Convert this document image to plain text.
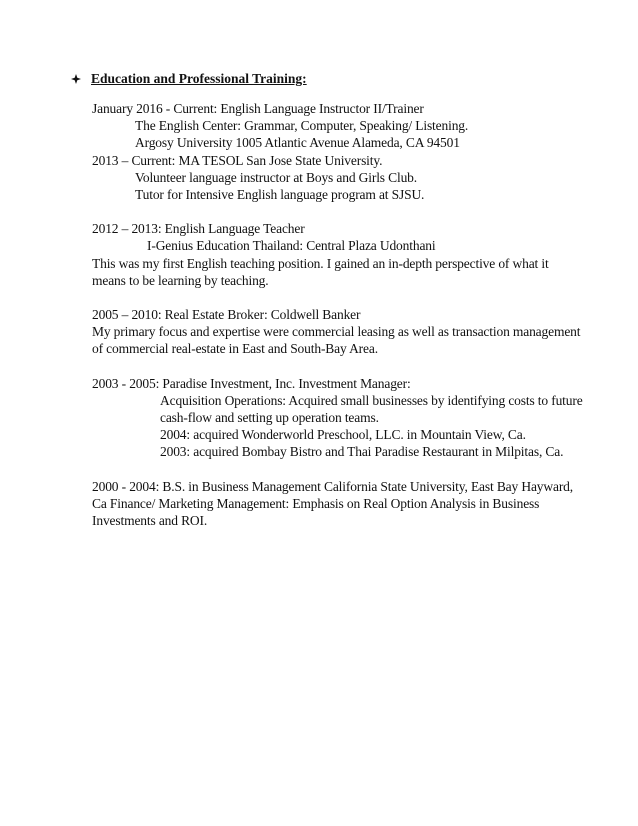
Education and Professional Training:
January 2016 - Current: English Language Instructor II/Trainer
The English Center: Grammar, Computer, Speaking/ Listening.
Argosy University 1005 Atlantic Avenue Alameda, CA 94501
2013 – Current: MA TESOL San Jose State University.
Volunteer language instructor at Boys and Girls Club.
Tutor for Intensive English language program at SJSU.
2012 – 2013: English Language Teacher
I-Genius Education Thailand: Central Plaza Udonthani
This was my first English teaching position. I gained an in-depth perspective of what it
means to be learning by teaching.
2005 – 2010: Real Estate Broker: Coldwell Banker
My primary focus and expertise were commercial leasing as well as transaction management
of commercial real-estate in East and South-Bay Area.
2003 - 2005: Paradise Investment, Inc. Investment Manager:
Acquisition Operations: Acquired small businesses by identifying costs to future
cash-flow and setting up operation teams.
2004: acquired Wonderworld Preschool, LLC. in Mountain View, Ca.
2003: acquired Bombay Bistro and Thai Paradise Restaurant in Milpitas, Ca.
2000 - 2004: B.S. in Business Management California State University, East Bay Hayward,
Ca Finance/ Marketing Management: Emphasis on Real Option Analysis in Business
Investments and ROI.
